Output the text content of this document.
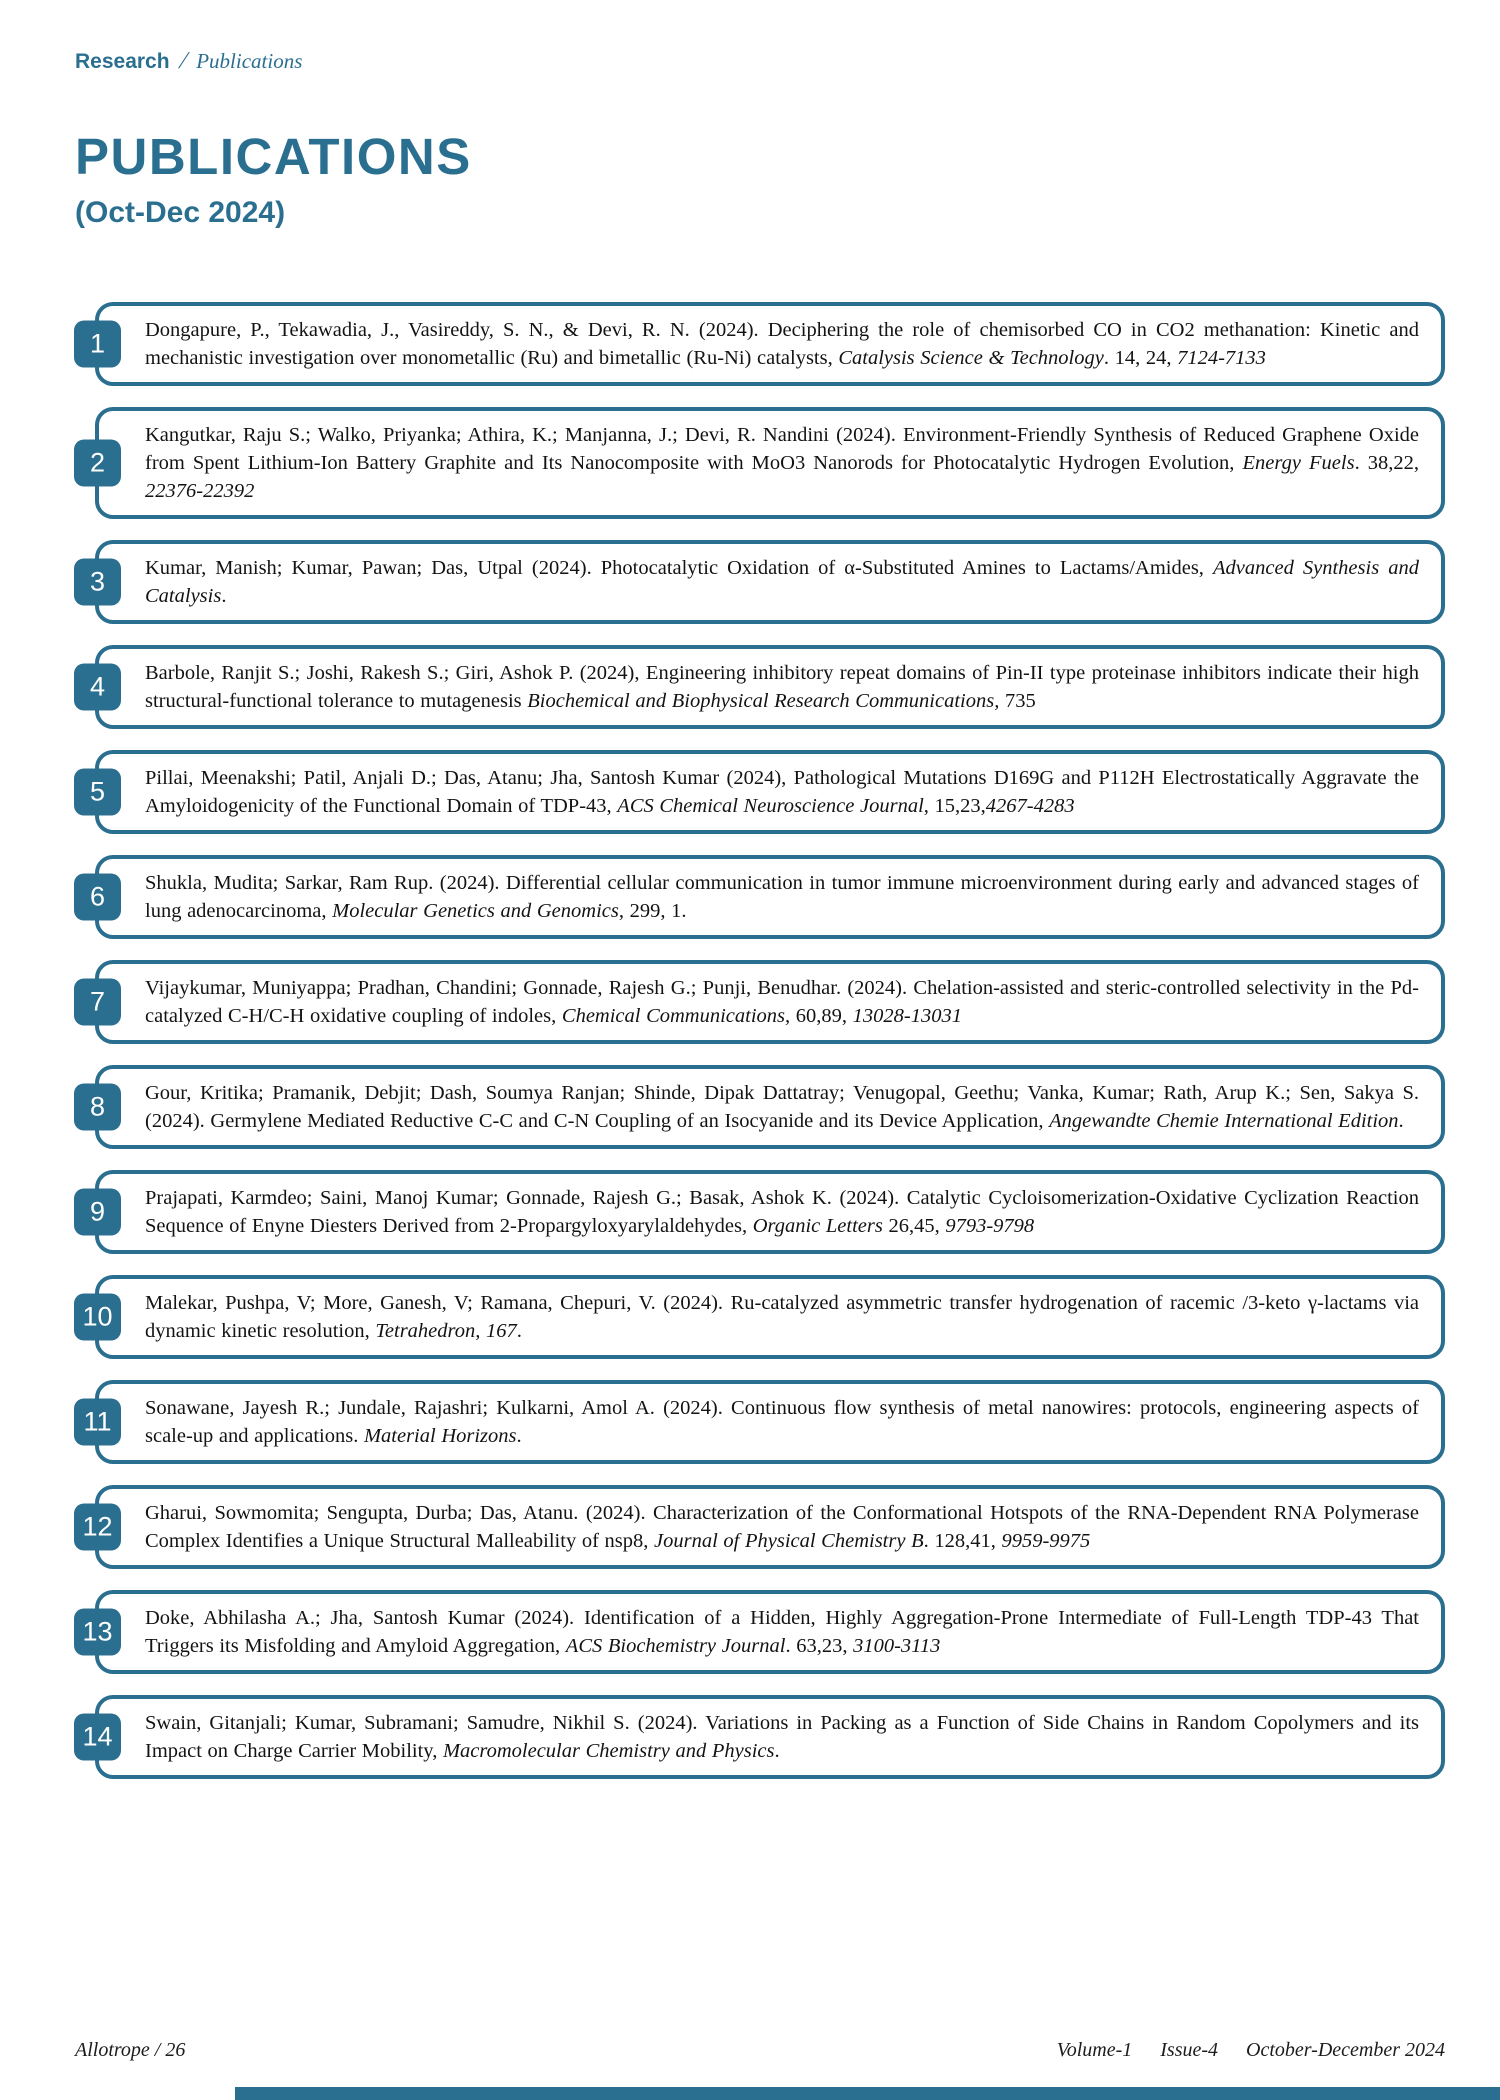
Research / Publications
PUBLICATIONS
(Oct-Dec 2024)
1	Dongapure, P., Tekawadia, J., Vasireddy, S. N., & Devi, R. N. (2024). Deciphering the role of chemisorbed CO in CO2 methanation: Kinetic and mechanistic investigation over monometallic (Ru) and bimetallic (Ru-Ni) catalysts, Catalysis Science & Technology. 14, 24, 7124-7133

2

Kangutkar, Raju S.; Walko, Priyanka; Athira, K.; Manjanna, J.; Devi, R. Nandini (2024). Environment-Friendly Synthesis of Reduced Graphene Oxide from Spent Lithium-Ion Battery Graphite and Its Nanocomposite with MoO3 Nanorods for Photocatalytic Hydrogen Evolution, Energy Fuels. 38,22, 22376-22392

3	Kumar, Manish; Kumar, Pawan; Das, Utpal (2024). Photocatalytic Oxidation of α-Substituted Amines to Lactams/Amides, Advanced Synthesis and Catalysis.

4	Barbole, Ranjit S.; Joshi, Rakesh S.; Giri, Ashok P. (2024), Engineering inhibitory repeat domains of Pin-II type proteinase inhibitors indicate their high structural-functional tolerance to mutagenesis Biochemical and Biophysical Research Communications, 735

5	Pillai, Meenakshi; Patil, Anjali D.; Das, Atanu; Jha, Santosh Kumar (2024), Pathological Mutations D169G and P112H Electrostatically Aggravate the Amyloidogenicity of the Functional Domain of TDP-43, ACS Chemical Neuroscience Journal, 15,23,4267-4283

6	Shukla, Mudita; Sarkar, Ram Rup. (2024). Differential cellular communication in tumor immune microenvironment during early and advanced stages of lung adenocarcinoma, Molecular Genetics and Genomics, 299, 1.

7	Vijaykumar, Muniyappa; Pradhan, Chandini; Gonnade, Rajesh G.; Punji, Benudhar. (2024). Chelation-assisted and steric-controlled selectivity in the Pd-catalyzed C-H/C-H oxidative coupling of indoles, Chemical Communications, 60,89, 13028-13031

8	Gour, Kritika; Pramanik, Debjit; Dash, Soumya Ranjan; Shinde, Dipak Dattatray; Venugopal, Geethu; Vanka, Kumar; Rath, Arup K.; Sen, Sakya S. (2024). Germylene Mediated Reductive C-C and C-N Coupling of an Isocyanide and its Device Application, Angewandte Chemie International Edition.

9	Prajapati, Karmdeo; Saini, Manoj Kumar; Gonnade, Rajesh G.; Basak, Ashok K. (2024). Catalytic Cycloisomerization-Oxidative Cyclization Reaction Sequence of Enyne Diesters Derived from 2-Propargyloxyarylaldehydes, Organic Letters 26,45, 9793-9798

10	Malekar, Pushpa, V; More, Ganesh, V; Ramana, Chepuri, V. (2024). Ru-catalyzed asymmetric transfer hydrogenation of racemic /3-keto γ-lactams via dynamic kinetic resolution, Tetrahedron, 167.

11	Sonawane, Jayesh R.; Jundale, Rajashri; Kulkarni, Amol A. (2024). Continuous flow synthesis of metal nanowires: protocols, engineering aspects of scale-up and applications. Material Horizons.

12	Gharui, Sowmomita; Sengupta, Durba; Das, Atanu. (2024). Characterization of the Conformational Hotspots of the RNA-Dependent RNA Polymerase Complex Identifies a Unique Structural Malleability of nsp8, Journal of Physical Chemistry B. 128,41, 9959-9975

13	Doke, Abhilasha A.; Jha, Santosh Kumar (2024). Identification of a Hidden, Highly Aggregation-Prone Intermediate of Full-Length TDP-43 That Triggers its Misfolding and Amyloid Aggregation, ACS Biochemistry Journal. 63,23, 3100-3113

14	Swain, Gitanjali; Kumar, Subramani; Samudre, Nikhil S. (2024). Variations in Packing as a Function of Side Chains in Random Copolymers and its Impact on Charge Carrier Mobility, Macromolecular Chemistry and Physics.

Allotrope / 26	Volume-1 Issue-4 October-December 2024
